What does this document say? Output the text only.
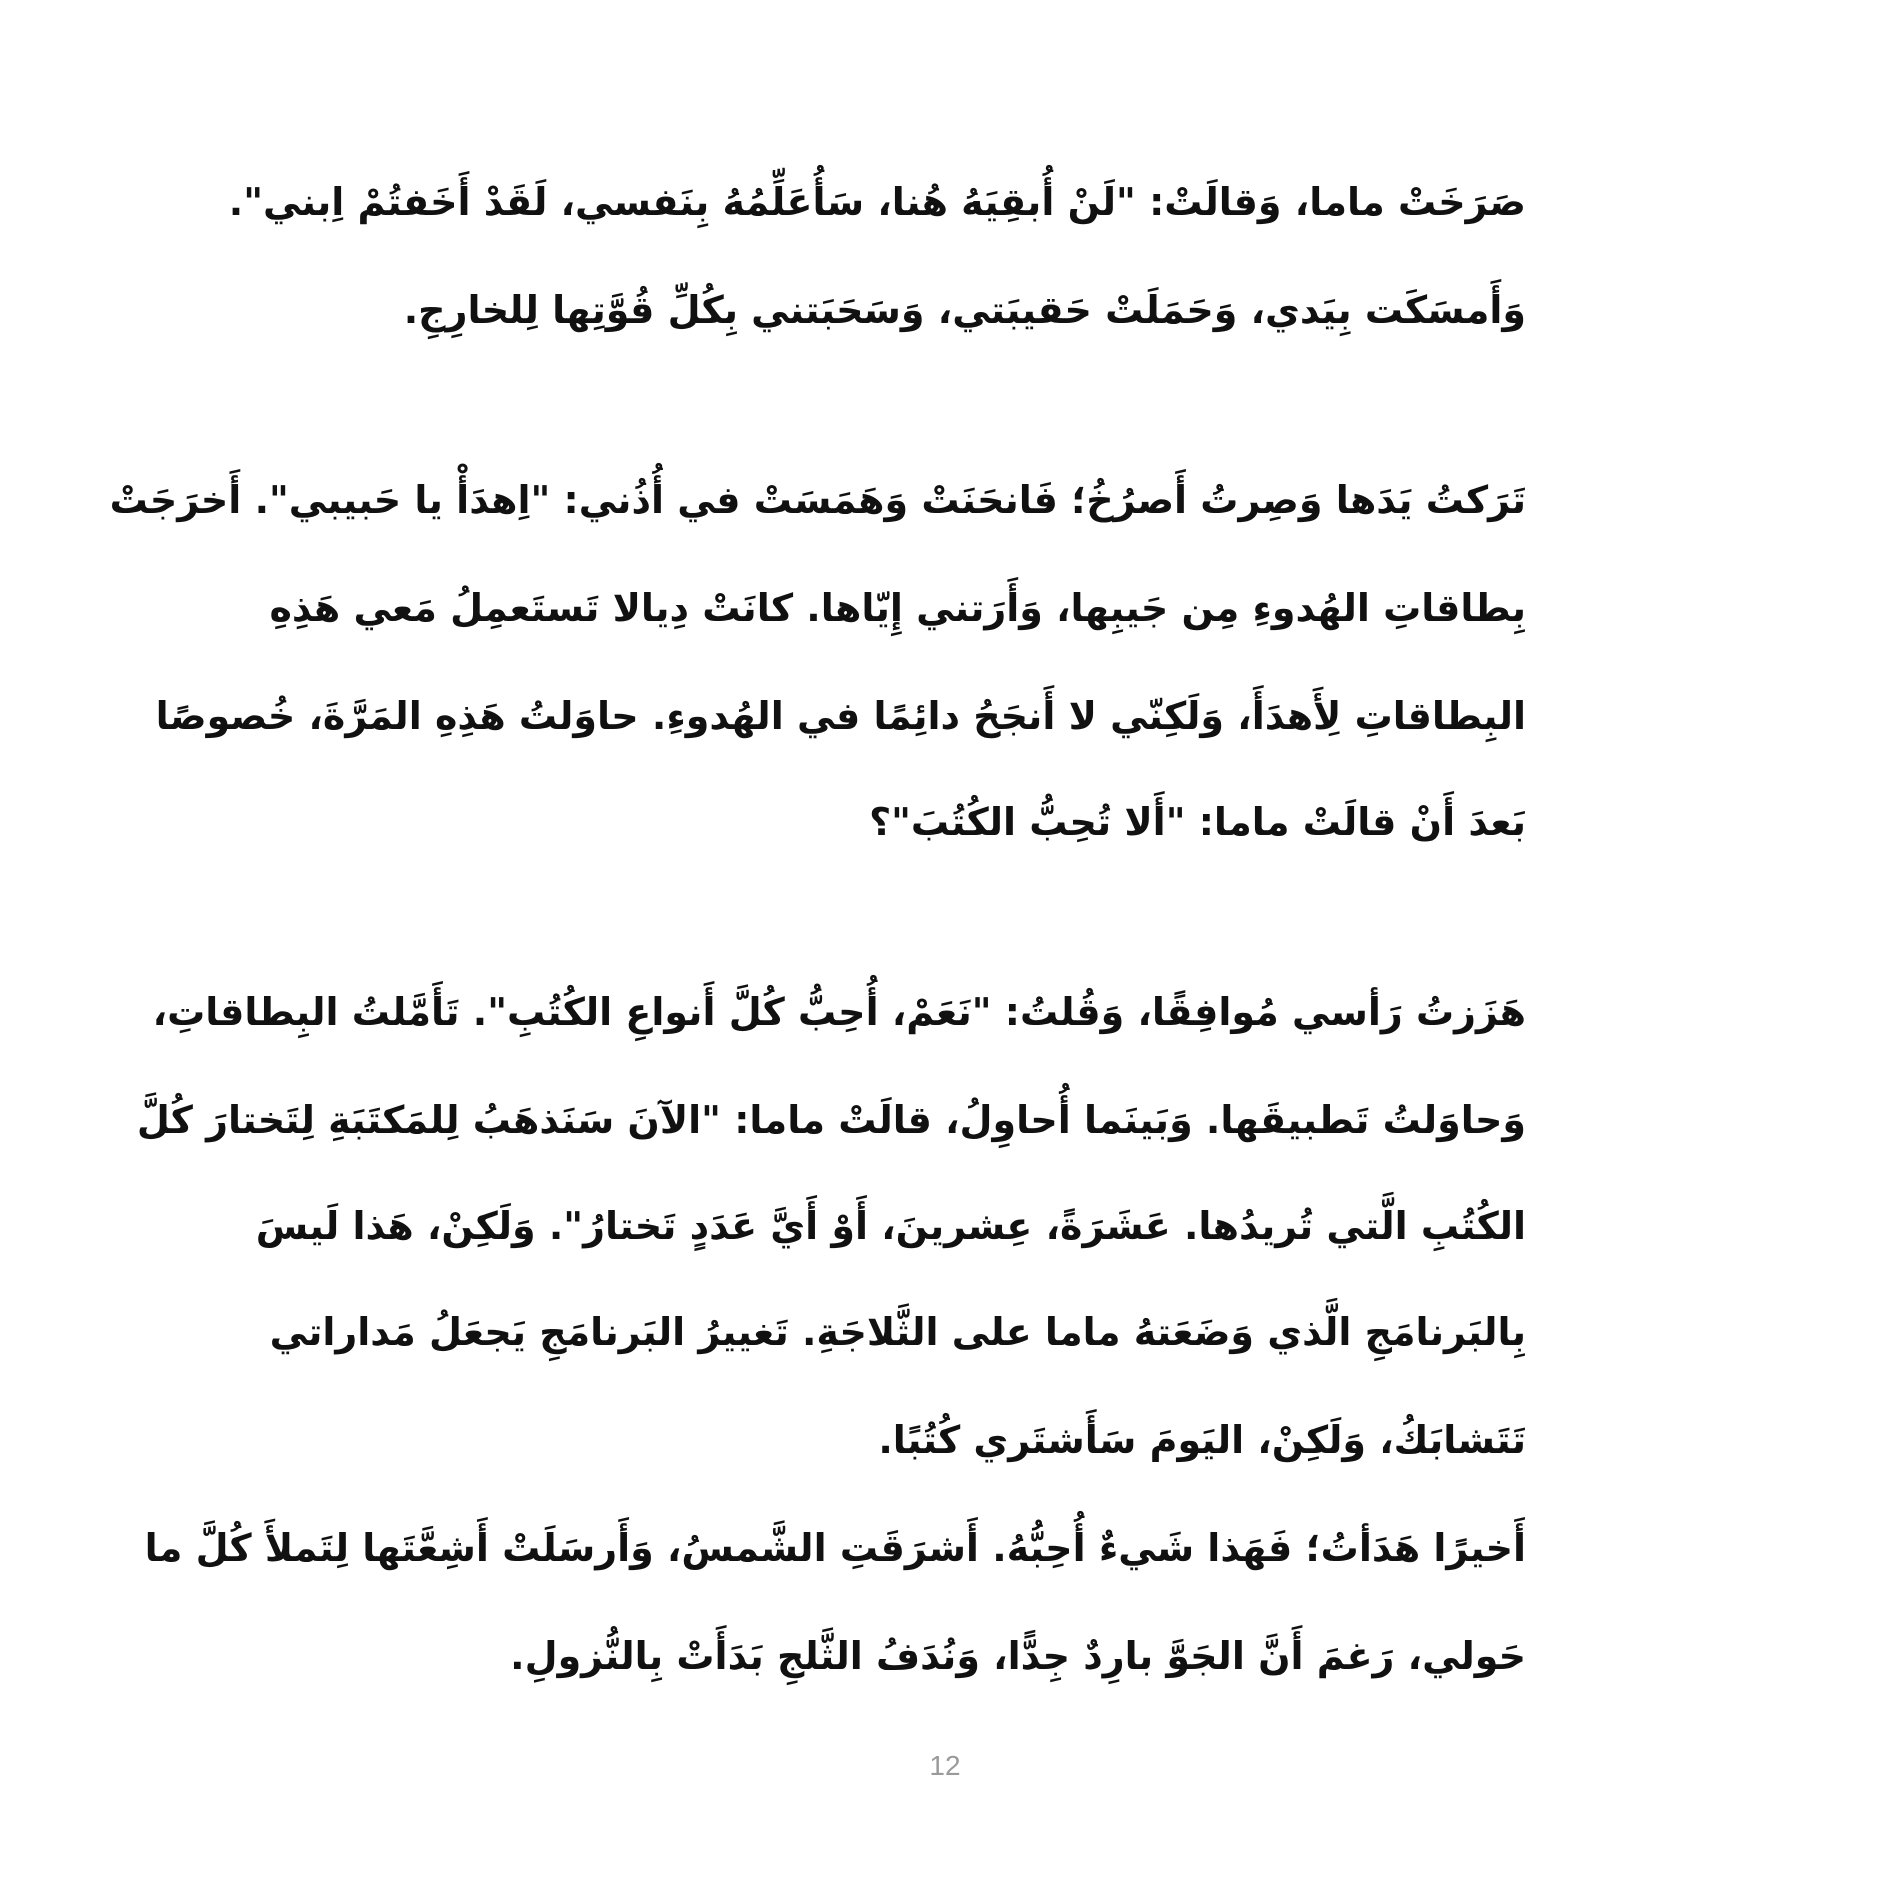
صَرَخَتْ ماما، وَقالَتْ: "لَنْ أُبقِيَهُ هُنا، سَأُعَلِّمُهُ بِنَفسي، لَقَدْ أَخَفتُمْ اِبني".
وَأَمسَكَت بِيَدي، وَحَمَلَتْ حَقيبَتي، وَسَحَبَتني بِكُلِّ قُوَّتِها لِلخارِجِ.
تَرَكتُ يَدَها وَصِرتُ أَصرُخُ؛ فَانحَنَتْ وَهَمَسَتْ في أُذُني: "اِهدَأْ يا حَبيبي". أَخرَجَتْ
بِطاقاتِ الهُدوءِ مِن جَيبِها، وَأَرَتني إِيّاها. كانَتْ دِيالا تَستَعمِلُ مَعي هَذِهِ
البِطاقاتِ لِأَهدَأَ، وَلَكِنّي لا أَنجَحُ دائِمًا في الهُدوءِ. حاوَلتُ هَذِهِ المَرَّةَ، خُصوصًا
بَعدَ أَنْ قالَتْ ماما: "أَلا تُحِبُّ الكُتُبَ"؟
هَزَزتُ رَأسي مُوافِقًا، وَقُلتُ: "نَعَمْ، أُحِبُّ كُلَّ أَنواعِ الكُتُبِ". تَأَمَّلتُ البِطاقاتِ،
وَحاوَلتُ تَطبيقَها. وَبَينَما أُحاوِلُ، قالَتْ ماما: "الآنَ سَنَذهَبُ لِلمَكتَبَةِ لِتَختارَ كُلَّ
الكُتُبِ الَّتي تُريدُها. عَشَرَةً، عِشرينَ، أَوْ أَيَّ عَدَدٍ تَختارُ". وَلَكِنْ، هَذا لَيسَ
بِالبَرنامَجِ الَّذي وَضَعَتهُ ماما على الثَّلاجَةِ. تَغييرُ البَرنامَجِ يَجعَلُ مَداراتي
تَتَشابَكُ، وَلَكِنْ، اليَومَ سَأَشتَري كُتُبًا.
أَخيرًا هَدَأتُ؛ فَهَذا شَيءٌ أُحِبُّهُ. أَشرَقَتِ الشَّمسُ، وَأَرسَلَتْ أَشِعَّتَها لِتَملأَ كُلَّ ما
حَولي، رَغمَ أَنَّ الجَوَّ بارِدٌ جِدًّا، وَنُدَفُ الثَّلجِ بَدَأَتْ بِالنُّزولِ.
12
